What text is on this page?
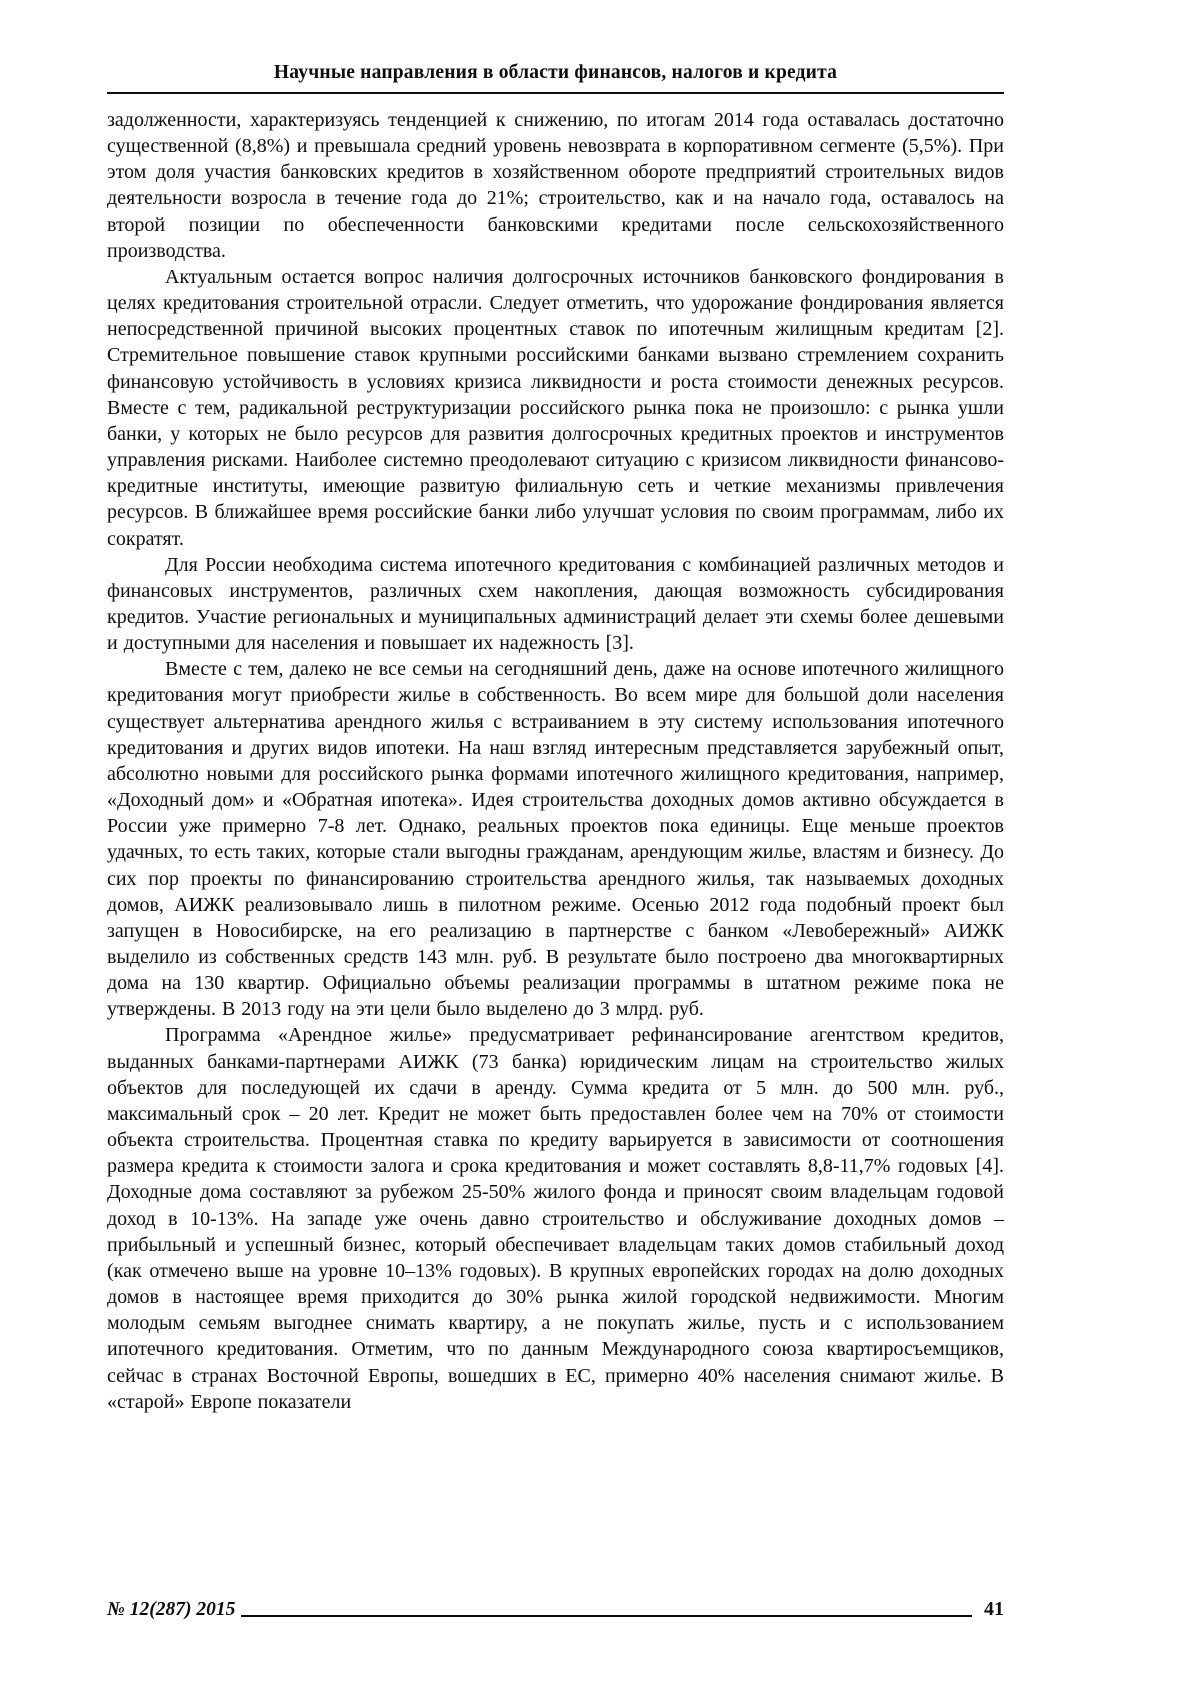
Научные направления в области финансов, налогов и кредита

задолженности, характеризуясь тенденцией к снижению, по итогам 2014 года оставалась достаточно существенной (8,8%) и превышала средний уровень невозврата в корпоративном сегменте (5,5%). При этом доля участия банковских кредитов в хозяйственном обороте предприятий строительных видов деятельности возросла в течение года до 21%; строительство, как и на начало года, оставалось на второй позиции по обеспеченности банковскими кредитами после сельскохозяйственного производства.

Актуальным остается вопрос наличия долгосрочных источников банковского фондирования в целях кредитования строительной отрасли. Следует отметить, что удорожание фондирования является непосредственной причиной высоких процентных ставок по ипотечным жилищным кредитам [2]. Стремительное повышение ставок крупными российскими банками вызвано стремлением сохранить финансовую устойчивость в условиях кризиса ликвидности и роста стоимости денежных ресурсов. Вместе с тем, радикальной реструктуризации российского рынка пока не произошло: с рынка ушли банки, у которых не было ресурсов для развития долгосрочных кредитных проектов и инструментов управления рисками. Наиболее системно преодолевают ситуацию с кризисом ликвидности финансово-кредитные институты, имеющие развитую филиальную сеть и четкие механизмы привлечения ресурсов. В ближайшее время российские банки либо улучшат условия по своим программам, либо их сократят.

Для России необходима система ипотечного кредитования с комбинацией различных методов и финансовых инструментов, различных схем накопления, дающая возможность субсидирования кредитов. Участие региональных и муниципальных администраций делает эти схемы более дешевыми и доступными для населения и повышает их надежность [3].

Вместе с тем, далеко не все семьи на сегодняшний день, даже на основе ипотечного жилищного кредитования могут приобрести жилье в собственность. Во всем мире для большой доли населения существует альтернатива арендного жилья с встраиванием в эту систему использования ипотечного кредитования и других видов ипотеки. На наш взгляд интересным представляется зарубежный опыт, абсолютно новыми для российского рынка формами ипотечного жилищного кредитования, например, «Доходный дом» и «Обратная ипотека». Идея строительства доходных домов активно обсуждается в России уже примерно 7-8 лет. Однако, реальных проектов пока единицы. Еще меньше проектов удачных, то есть таких, которые стали выгодны гражданам, арендующим жилье, властям и бизнесу. До сих пор проекты по финансированию строительства арендного жилья, так называемых доходных домов, АИЖК реализовывало лишь в пилотном режиме. Осенью 2012 года подобный проект был запущен в Новосибирске, на его реализацию в партнерстве с банком «Левобережный» АИЖК выделило из собственных средств 143 млн. руб. В результате было построено два многоквартирных дома на 130 квартир. Официально объемы реализации программы в штатном режиме пока не утверждены. В 2013 году на эти цели было выделено до 3 млрд. руб.

Программа «Арендное жилье» предусматривает рефинансирование агентством кредитов, выданных банками-партнерами АИЖК (73 банка) юридическим лицам на строительство жилых объектов для последующей их сдачи в аренду. Сумма кредита от 5 млн. до 500 млн. руб., максимальный срок – 20 лет. Кредит не может быть предоставлен более чем на 70% от стоимости объекта строительства. Процентная ставка по кредиту варьируется в зависимости от соотношения размера кредита к стоимости залога и срока кредитования и может составлять 8,8-11,7% годовых [4]. Доходные дома составляют за рубежом 25-50% жилого фонда и приносят своим владельцам годовой доход в 10-13%. На западе уже очень давно строительство и обслуживание доходных домов – прибыльный и успешный бизнес, который обеспечивает владельцам таких домов стабильный доход (как отмечено выше на уровне 10–13% годовых). В крупных европейских городах на долю доходных домов в настоящее время приходится до 30% рынка жилой городской недвижимости. Многим молодым семьям выгоднее снимать квартиру, а не покупать жилье, пусть и с использованием ипотечного кредитования. Отметим, что по данным Международного союза квартиросъемщиков, сейчас в странах Восточной Европы, вошедших в ЕС, примерно 40% населения снимают жилье. В «старой» Европе показатели

№ 12(287) 2015	41
